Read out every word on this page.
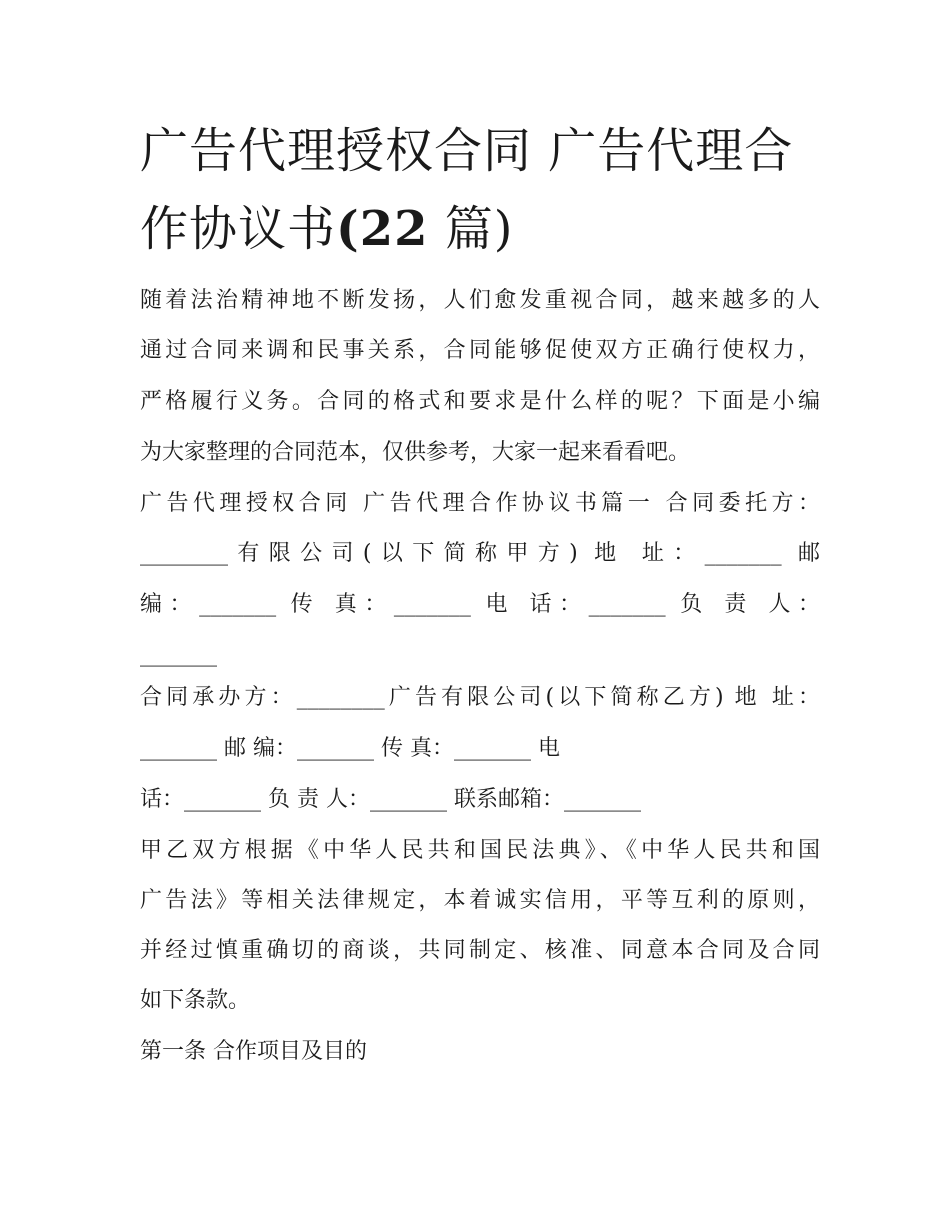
广告代理授权合同 广告代理合
作协议书(22 篇)

随着法治精神地不断发扬，人们愈发重视合同，越来越多的人

通过合同来调和民事关系，合同能够促使双方正确行使权力，

严格履行义务。合同的格式和要求是什么样的呢？下面是小编

为大家整理的合同范本，仅供参考，大家一起来看看吧。

广告代理授权合同 广告代理合作协议书篇一 合同委托方：

________有限公司(以下简称甲方) 地 址：_______ 邮

编：_______ 传 真：_______ 电 话：_______ 负 责 人：

_______

合同承办方：________广告有限公司(以下简称乙方) 地 址：

_______ 邮 编：_______ 传 真：_______ 电

话：_______ 负 责 人：_______ 联系邮箱：_______

甲乙双方根据《中华人民共和国民法典》、《中华人民共和国

广告法》等相关法律规定，本着诚实信用，平等互利的原则，

并经过慎重确切的商谈，共同制定、核准、同意本合同及合同

如下条款。

第一条 合作项目及目的
